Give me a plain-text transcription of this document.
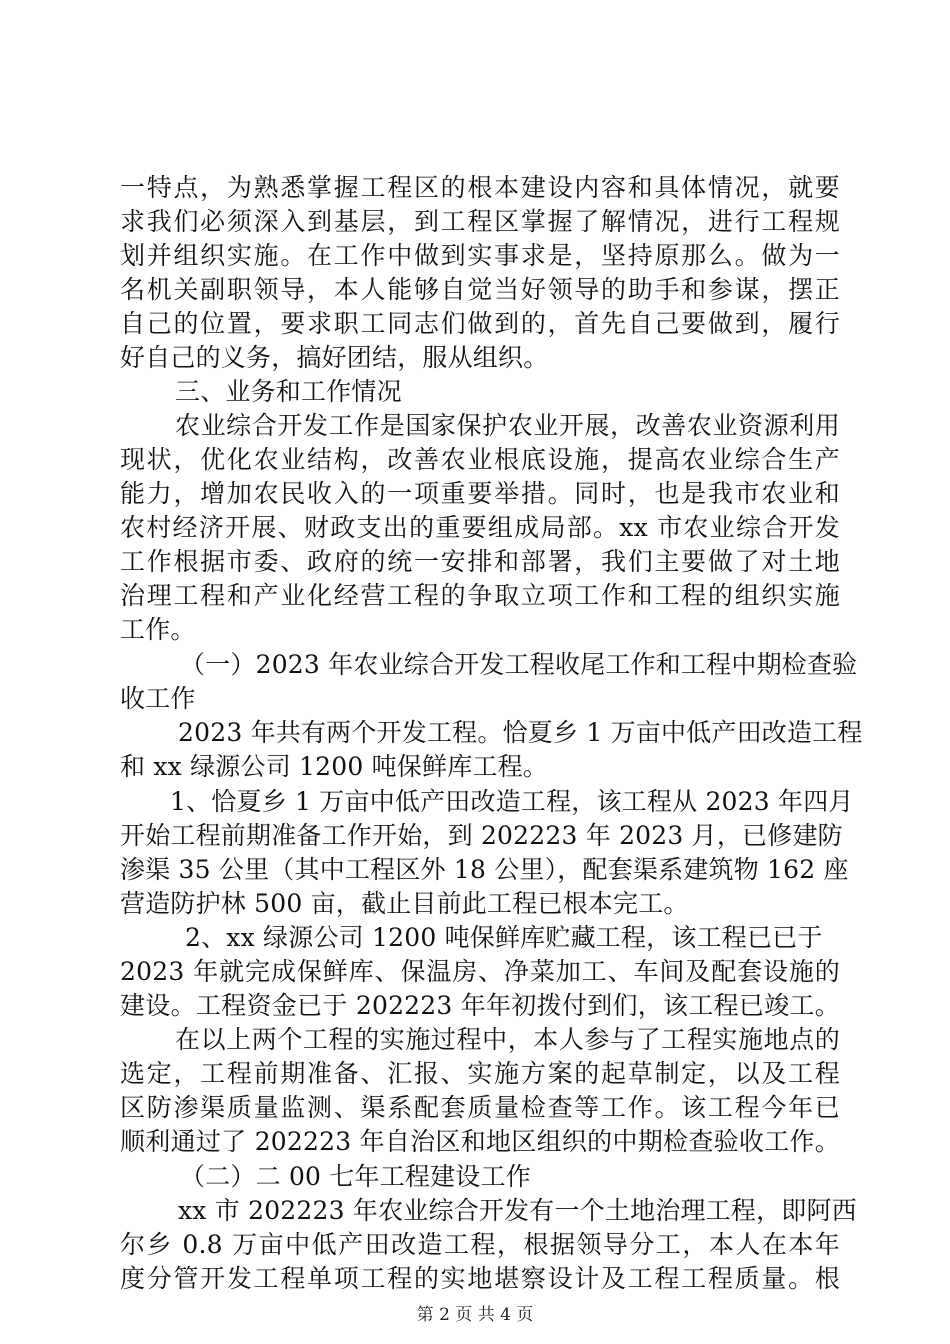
一特点，为熟悉掌握工程区的根本建设内容和具体情况，就要
求我们必须深入到基层，到工程区掌握了解情况，进行工程规
划并组织实施。在工作中做到实事求是，坚持原那么。做为一
名机关副职领导，本人能够自觉当好领导的助手和参谋，摆正
自己的位置，要求职工同志们做到的，首先自己要做到，履行
好自己的义务，搞好团结，服从组织。
三、业务和工作情况
农业综合开发工作是国家保护农业开展，改善农业资源利用
现状，优化农业结构，改善农业根底设施，提高农业综合生产
能力，增加农民收入的一项重要举措。同时，也是我市农业和
农村经济开展、财政支出的重要组成局部。xx 市农业综合开发
工作根据市委、政府的统一安排和部署，我们主要做了对土地
治理工程和产业化经营工程的争取立项工作和工程的组织实施
工作。
（一）2023 年农业综合开发工程收尾工作和工程中期检查验
收工作
2023 年共有两个开发工程。恰夏乡 1 万亩中低产田改造工程
和 xx 绿源公司 1200 吨保鲜库工程。
1、恰夏乡 1 万亩中低产田改造工程，该工程从 2023 年四月
开始工程前期准备工作开始，到 202223 年 2023 月，已修建防
渗渠 35 公里（其中工程区外 18 公里），配套渠系建筑物 162 座
营造防护林 500 亩，截止目前此工程已根本完工。
2、xx 绿源公司 1200 吨保鲜库贮藏工程，该工程已已于
2023 年就完成保鲜库、保温房、净菜加工、车间及配套设施的
建设。工程资金已于 202223 年年初拨付到们，该工程已竣工。
在以上两个工程的实施过程中，本人参与了工程实施地点的
选定，工程前期准备、汇报、实施方案的起草制定，以及工程
区防渗渠质量监测、渠系配套质量检查等工作。该工程今年已
顺利通过了 202223 年自治区和地区组织的中期检查验收工作。
（二）二 00 七年工程建设工作
xx 市 202223 年农业综合开发有一个土地治理工程，即阿西
尔乡 0.8 万亩中低产田改造工程，根据领导分工，本人在本年
度分管开发工程单项工程的实地堪察设计及工程工程质量。根
第 2 页 共 4 页
